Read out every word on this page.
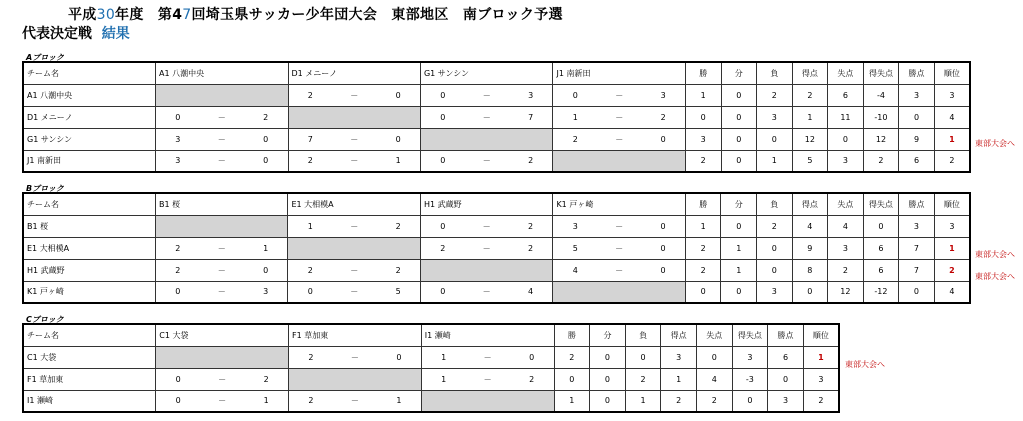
平成30年度　第47回埼玉県サッカー少年団大会　東部地区　南ブロック予選
代表決定戦 結果
Aブロック
チーム名	A1 八潮中央			D1 メニーノ			G1 サンシン			J1 南新田			勝	分	負	得点	失点	得失点	勝点	順位
A1 八潮中央				2	－	0	0	－	3	0	－	3	1	0	2	2	6	-4	3	3
D1 メニーノ	0	－	2				0	－	7	1	－	2	0	0	3	1	11	-10	0	4
G1 サンシン	3	－	0	7	－	0				2	－	0	3	0	0	12	0	12	9	1
J1 南新田	3	－	0	2	－	1	0	－	2				2	0	1	5	3	2	6	2
Bブロック
チーム名	B1 桜			E1 大相模A			H1 武蔵野			K1 戸ヶ崎			勝	分	負	得点	失点	得失点	勝点	順位
B1 桜				1	－	2	0	－	2	3	－	0	1	0	2	4	4	0	3	3
E1 大相模A	2	－	1				2	－	2	5	－	0	2	1	0	9	3	6	7	1
H1 武蔵野	2	－	0	2	－	2				4	－	0	2	1	0	8	2	6	7	2
K1 戸ヶ崎	0	－	3	0	－	5	0	－	4				0	0	3	0	12	-12	0	4
Cブロック
チーム名	C1 大袋			F1 草加東			I1 瀬崎			勝	分	負	得点	失点	得失点	勝点	順位
C1 大袋				2	－	0	1	－	0	2	0	0	3	0	3	6	1
F1 草加東	0	－	2				1	－	2	0	0	2	1	4	-3	0	3
I1 瀬崎	0	－	1	2	－	1				1	0	1	2	2	0	3	2
東部大会へ
東部大会へ
東部大会へ
東部大会へ
